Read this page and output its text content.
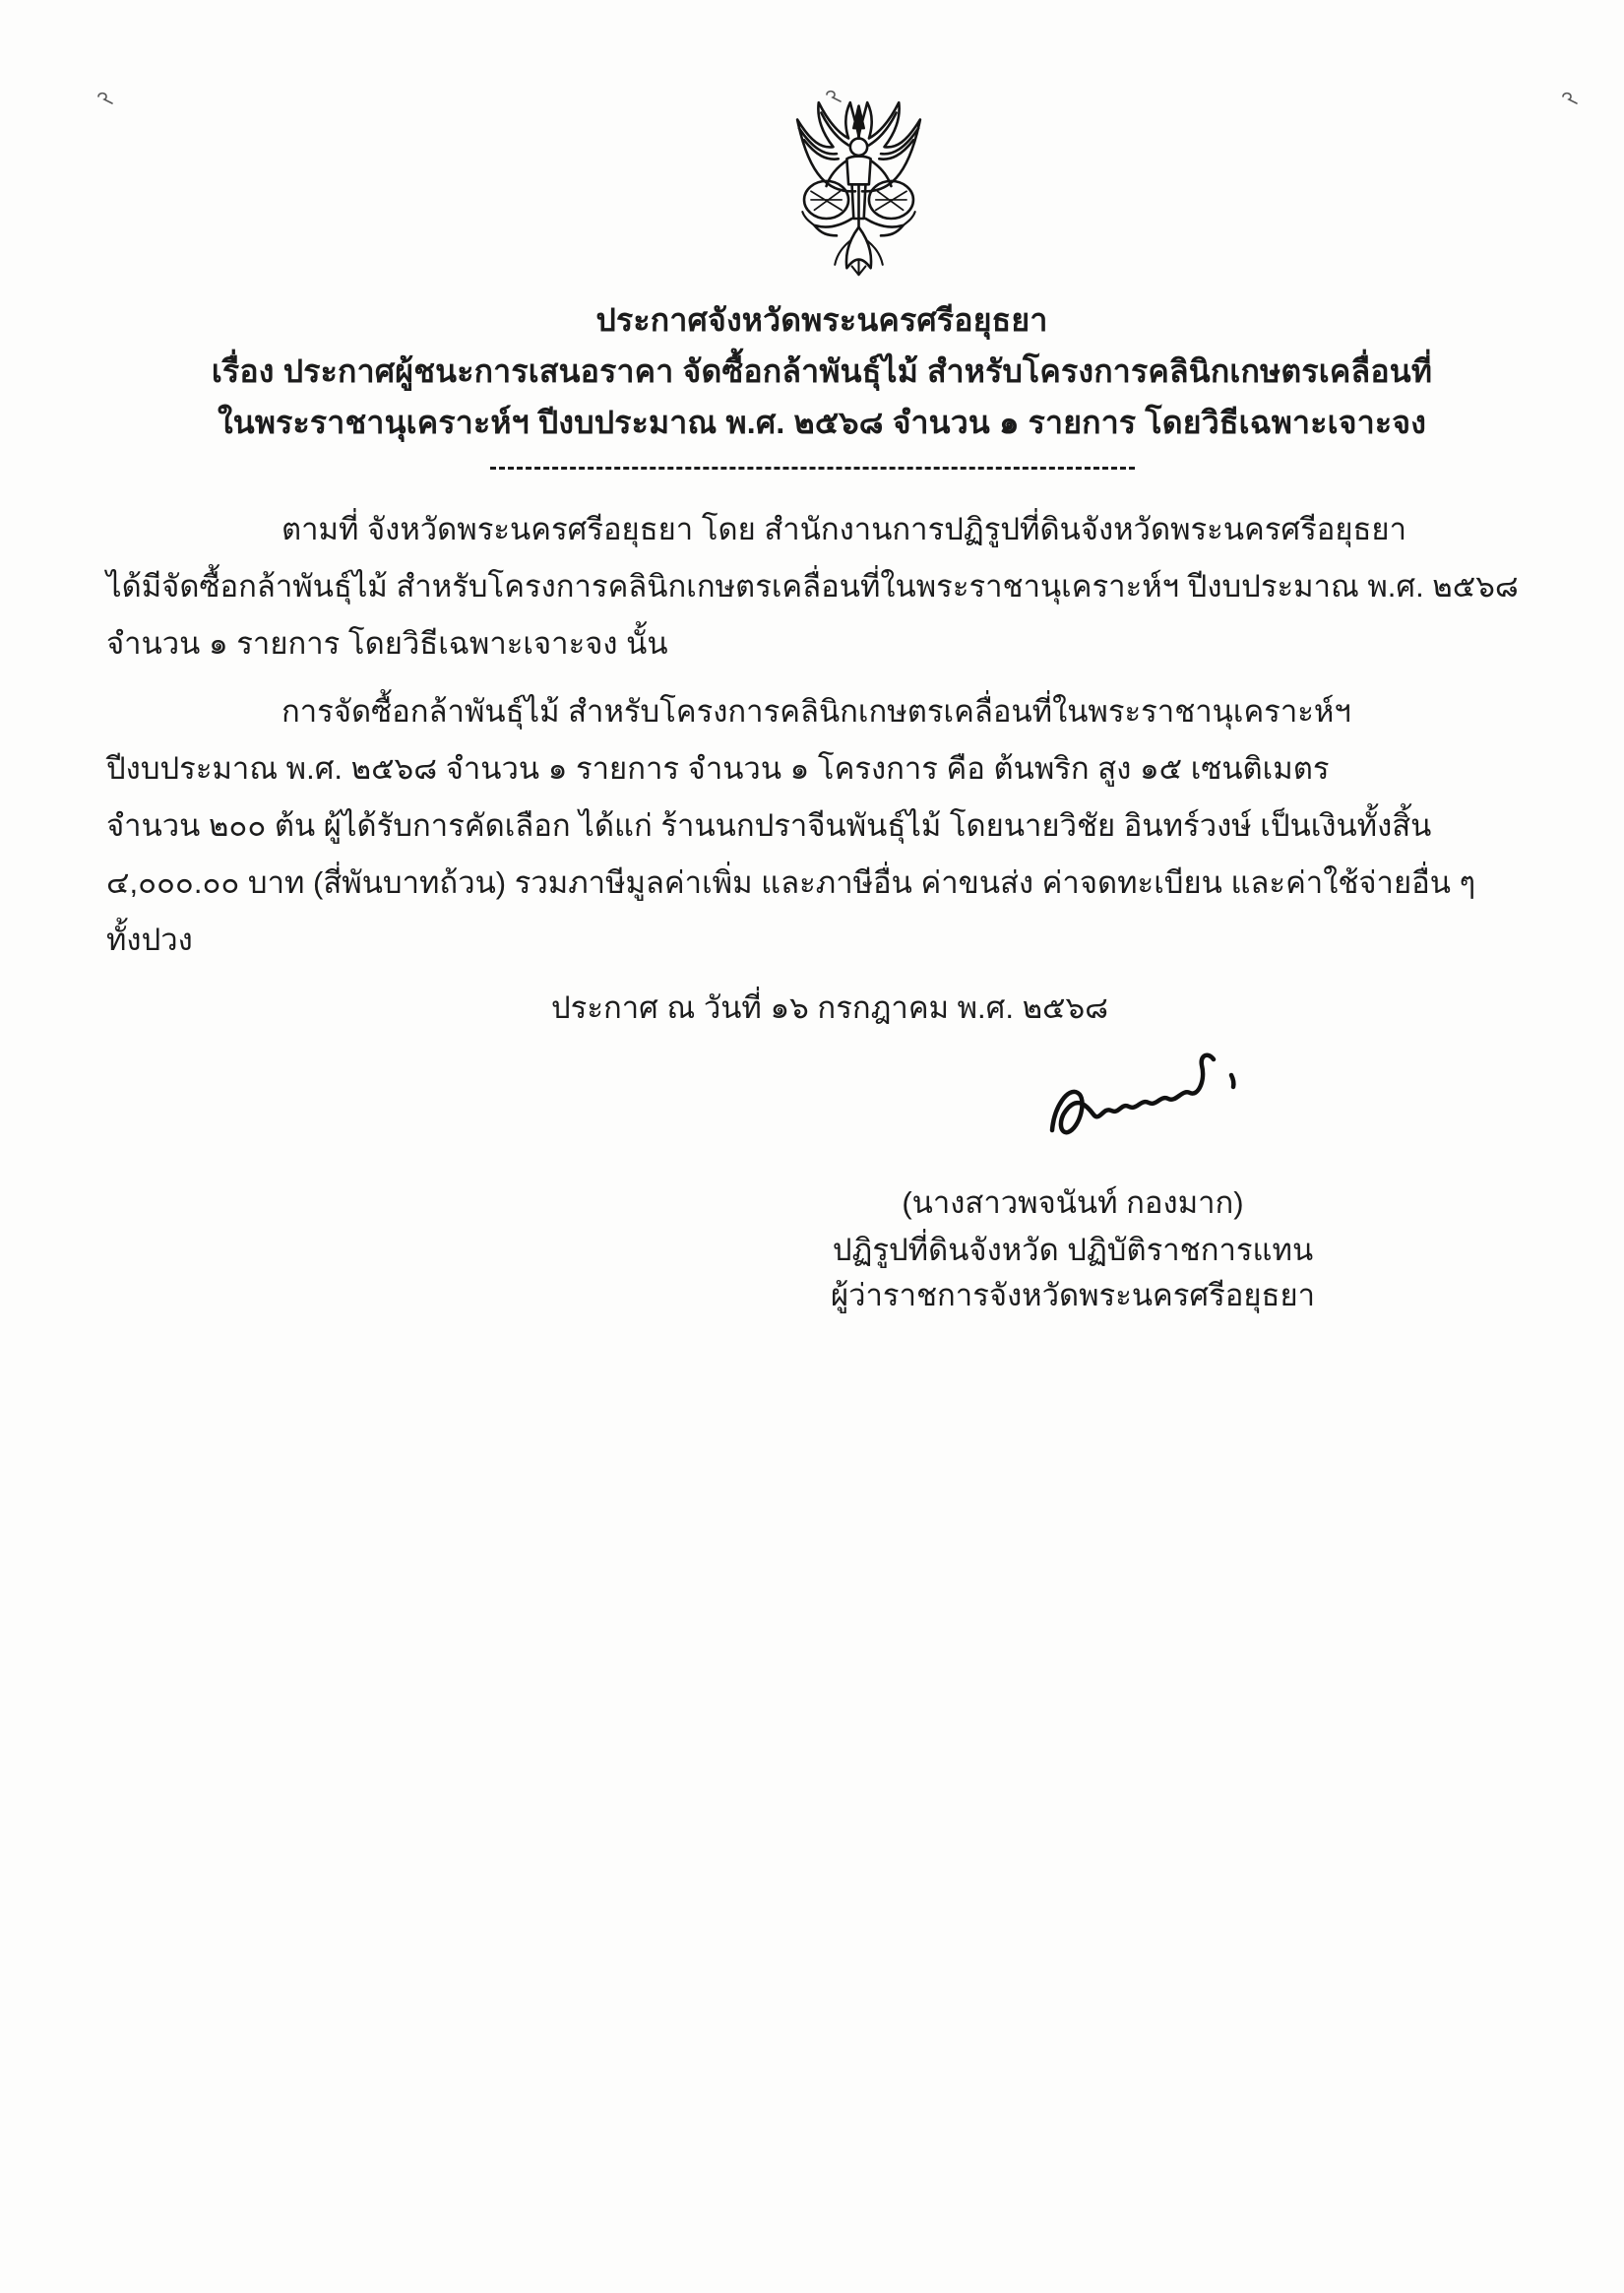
ประกาศจังหวัดพระนครศรีอยุธยา
เรื่อง ประกาศผู้ชนะการเสนอราคา จัดซื้อกล้าพันธุ์ไม้ สำหรับโครงการคลินิกเกษตรเคลื่อนที่
ในพระราชานุเคราะห์ฯ ปีงบประมาณ พ.ศ. ๒๕๖๘ จำนวน ๑ รายการ โดยวิธีเฉพาะเจาะจง
ตามที่ จังหวัดพระนครศรีอยุธยา โดย สำนักงานการปฏิรูปที่ดินจังหวัดพระนครศรีอยุธยา
ได้มีจัดซื้อกล้าพันธุ์ไม้ สำหรับโครงการคลินิกเกษตรเคลื่อนที่ในพระราชานุเคราะห์ฯ ปีงบประมาณ พ.ศ. ๒๕๖๘
จำนวน ๑ รายการ โดยวิธีเฉพาะเจาะจง นั้น
การจัดซื้อกล้าพันธุ์ไม้ สำหรับโครงการคลินิกเกษตรเคลื่อนที่ในพระราชานุเคราะห์ฯ
ปีงบประมาณ พ.ศ. ๒๕๖๘ จำนวน ๑ รายการ จำนวน ๑ โครงการ คือ ต้นพริก สูง ๑๕ เซนติเมตร
จำนวน ๒๐๐ ต้น ผู้ได้รับการคัดเลือก ได้แก่ ร้านนกปราจีนพันธุ์ไม้ โดยนายวิชัย อินทร์วงษ์ เป็นเงินทั้งสิ้น
๔,๐๐๐.๐๐ บาท (สี่พันบาทถ้วน) รวมภาษีมูลค่าเพิ่ม และภาษีอื่น ค่าขนส่ง ค่าจดทะเบียน และค่าใช้จ่ายอื่น ๆ
ทั้งปวง
ประกาศ ณ วันที่ ๑๖ กรกฎาคม พ.ศ. ๒๕๖๘
(นางสาวพจนันท์ กองมาก)
ปฏิรูปที่ดินจังหวัด ปฏิบัติราชการแทน
ผู้ว่าราชการจังหวัดพระนครศรีอยุธยา
